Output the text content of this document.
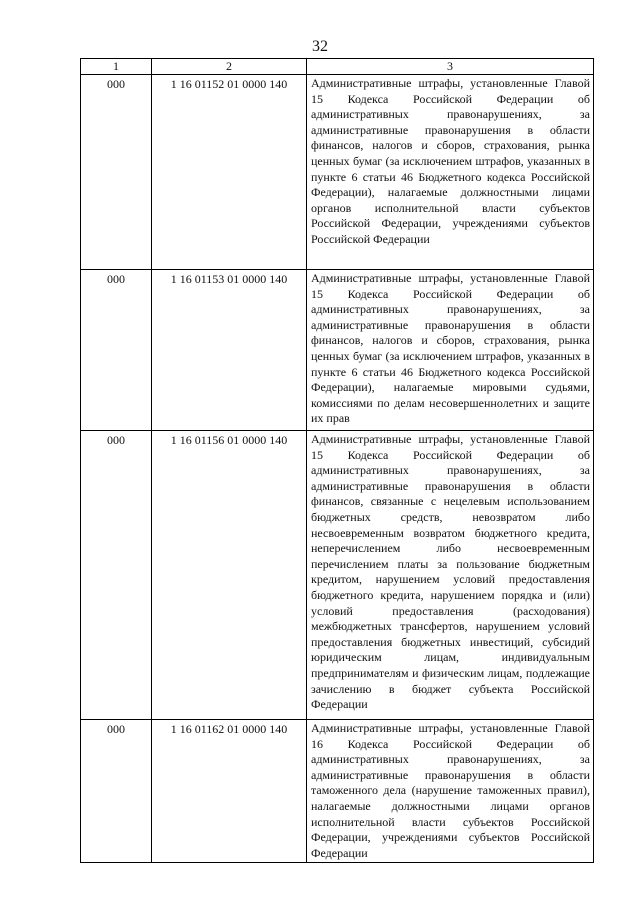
32
1	2	3
000	1 16 01152 01 0000 140	Административные штрафы, установленные Главой 15 Кодекса Российской Федерации об административных правонарушениях, за административные правонарушения в области финансов, налогов и сборов, страхования, рынка ценных бумаг (за исключением штрафов, указанных в пункте 6 статьи 46 Бюджетного кодекса Российской Федерации), налагаемые должностными лицами органов исполнительной власти субъектов Российской Федерации, учреждениями субъектов Российской Федерации
000	1 16 01153 01 0000 140	Административные штрафы, установленные Главой 15 Кодекса Российской Федерации об административных правонарушениях, за административные правонарушения в области финансов, налогов и сборов, страхования, рынка ценных бумаг (за исключением штрафов, указанных в пункте 6 статьи 46 Бюджетного кодекса Российской Федерации), налагаемые мировыми судьями, комиссиями по делам несовершеннолетних и защите их прав
000	1 16 01156 01 0000 140	Административные штрафы, установленные Главой 15 Кодекса Российской Федерации об административных правонарушениях, за административные правонарушения в области финансов, связанные с нецелевым использованием бюджетных средств, невозвратом либо несвоевременным возвратом бюджетного кредита, неперечислением либо несвоевременным перечислением платы за пользование бюджетным кредитом, нарушением условий предоставления бюджетного кредита, нарушением порядка и (или) условий предоставления (расходования) межбюджетных трансфертов, нарушением условий предоставления бюджетных инвестиций, субсидий юридическим лицам, индивидуальным предпринимателям и физическим лицам, подлежащие зачислению в бюджет субъекта Российской Федерации
000	1 16 01162 01 0000 140	Административные штрафы, установленные Главой 16 Кодекса Российской Федерации об административных правонарушениях, за административные правонарушения в области таможенного дела (нарушение таможенных правил), налагаемые должностными лицами органов исполнительной власти субъектов Российской Федерации, учреждениями субъектов Российской Федерации
